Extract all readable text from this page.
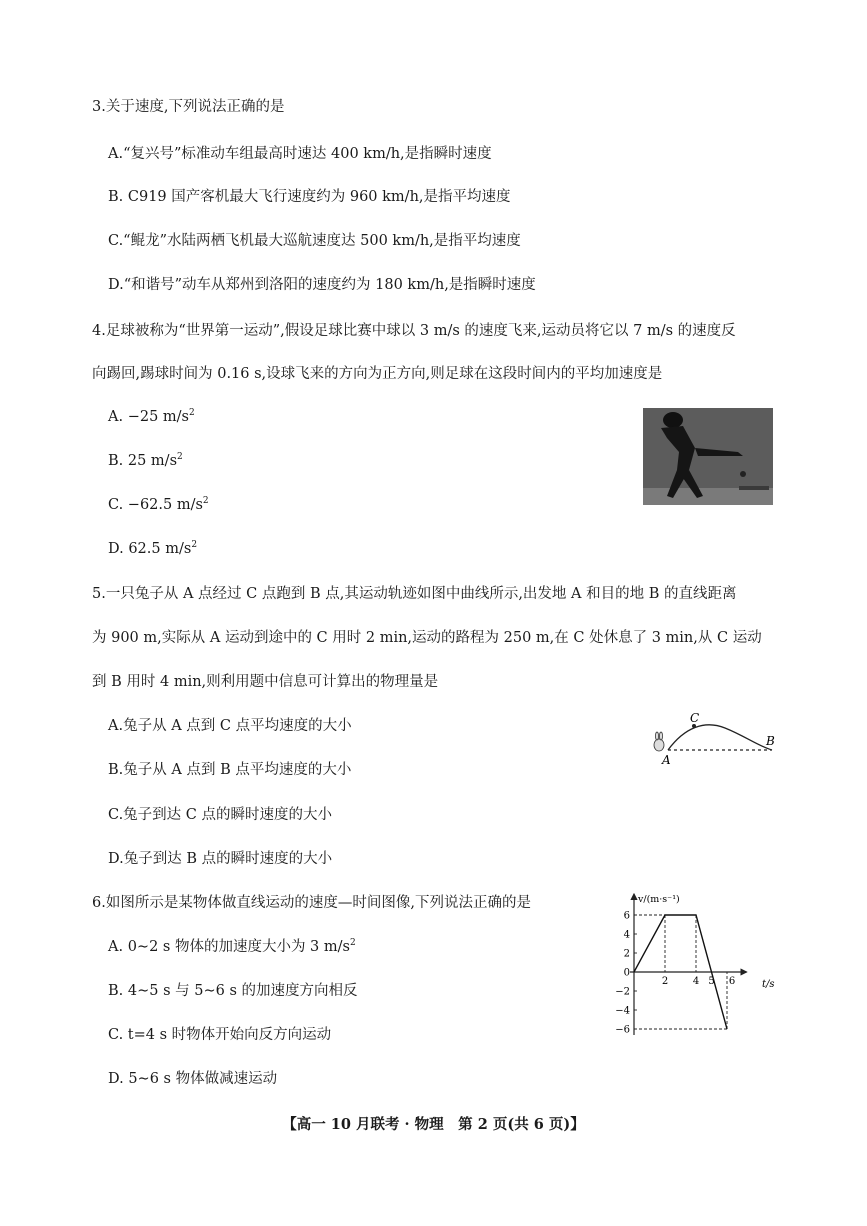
3.关于速度,下列说法正确的是
A.“复兴号”标准动车组最高时速达 400 km/h,是指瞬时速度
B. C919 国产客机最大飞行速度约为 960 km/h,是指平均速度
C.“鲲龙”水陆两栖飞机最大巡航速度达 500 km/h,是指平均速度
D.“和谐号”动车从郑州到洛阳的速度约为 180 km/h,是指瞬时速度
4.足球被称为“世界第一运动”,假设足球比赛中球以 3 m/s 的速度飞来,运动员将它以 7 m/s 的速度反
向踢回,踢球时间为 0.16 s,设球飞来的方向为正方向,则足球在这段时间内的平均加速度是
A. −25 $m/s^2$
B. 25 $m/s^2$
C. −62.5 $m/s^2$
D. 62.5 $m/s^2$
5.一只兔子从 A 点经过 C 点跑到 B 点,其运动轨迹如图中曲线所示,出发地 A 和目的地 B 的直线距离
为 900 m,实际从 A 运动到途中的 C 用时 2 min,运动的路程为 250 m,在 C 处休息了 3 min,从 C 运动
到 B 用时 4 min,则利用题中信息可计算出的物理量是
A.兔子从 A 点到 C 点平均速度的大小
B.兔子从 A 点到 B 点平均速度的大小
C.兔子到达 C 点的瞬时速度的大小
D.兔子到达 B 点的瞬时速度的大小
A
C
B
6.如图所示是某物体做直线运动的速度—时间图像,下列说法正确的是
A. 0∼2 s 物体的加速度大小为 3 $m/s^2$
B. 4∼5 s 与 5∼6 s 的加速度方向相反
C. t=4 s 时物体开始向反方向运动
D. 5∼6 s 物体做减速运动
6
4
2
0
−2
−4
−6
2 4 5 6
v/(m·s⁻¹)
t/s
【高一 10 月联考 · 物理　第 2 页(共 6 页)】
